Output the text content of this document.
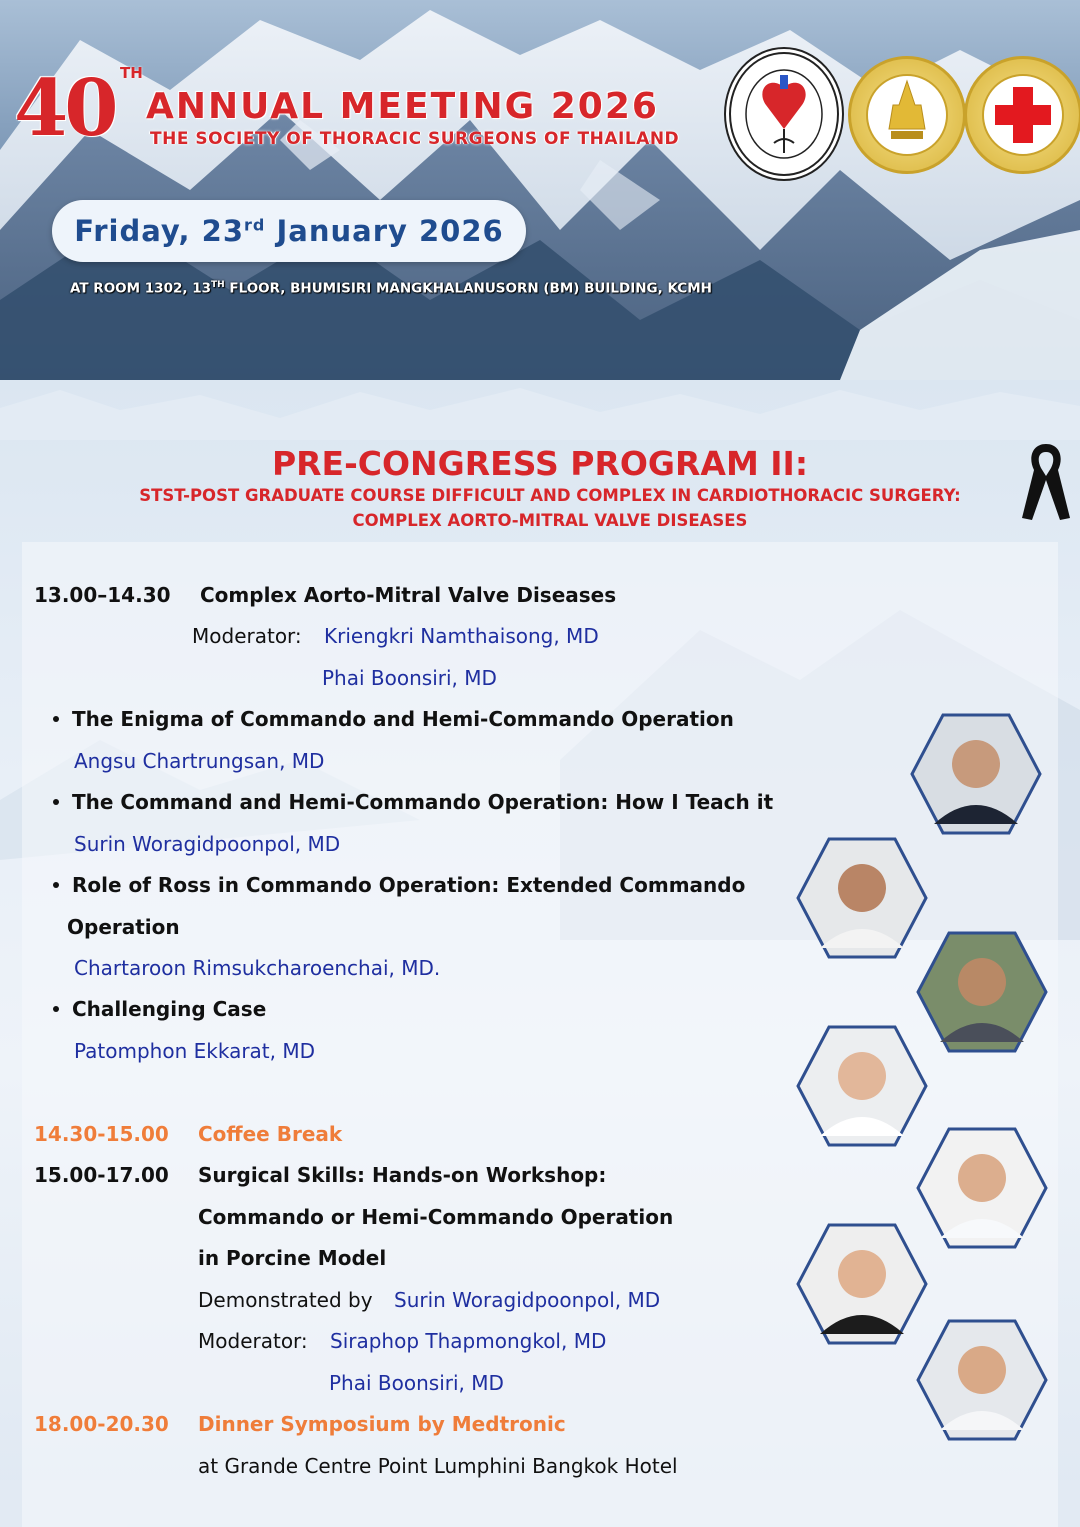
40 TH
ANNUAL MEETING 2026
THE SOCIETY OF THORACIC SURGEONS OF THAILAND
Friday, 23rd January 2026
AT ROOM 1302, 13TH FLOOR, BHUMISIRI MANGKHALANUSORN (BM) BUILDING, KCMH
PRE-CONGRESS PROGRAM II:
STST-POST GRADUATE COURSE DIFFICULT AND COMPLEX IN CARDIOTHORACIC SURGERY:
COMPLEX AORTO-MITRAL VALVE DISEASES
13.00–14.30 Complex Aorto-Mitral Valve Diseases
Moderator: Kriengkri Namthaisong, MD
Phai Boonsiri, MD
The Enigma of Commando and Hemi-Commando Operation
Angsu Chartrungsan, MD
The Command and Hemi-Commando Operation: How I Teach it
Surin Woragidpoonpol, MD
Role of Ross in Commando Operation: Extended Commando
Operation
Chartaroon Rimsukcharoenchai, MD.
Challenging Case
Patomphon Ekkarat, MD
14.30-15.00 Coffee Break
15.00-17.00 Surgical Skills: Hands-on Workshop:
Commando or Hemi-Commando Operation
in Porcine Model
Demonstrated by Surin Woragidpoonpol, MD
Moderator: Siraphop Thapmongkol, MD
Phai Boonsiri, MD
18.00-20.30 Dinner Symposium by Medtronic
at Grande Centre Point Lumphini Bangkok Hotel
